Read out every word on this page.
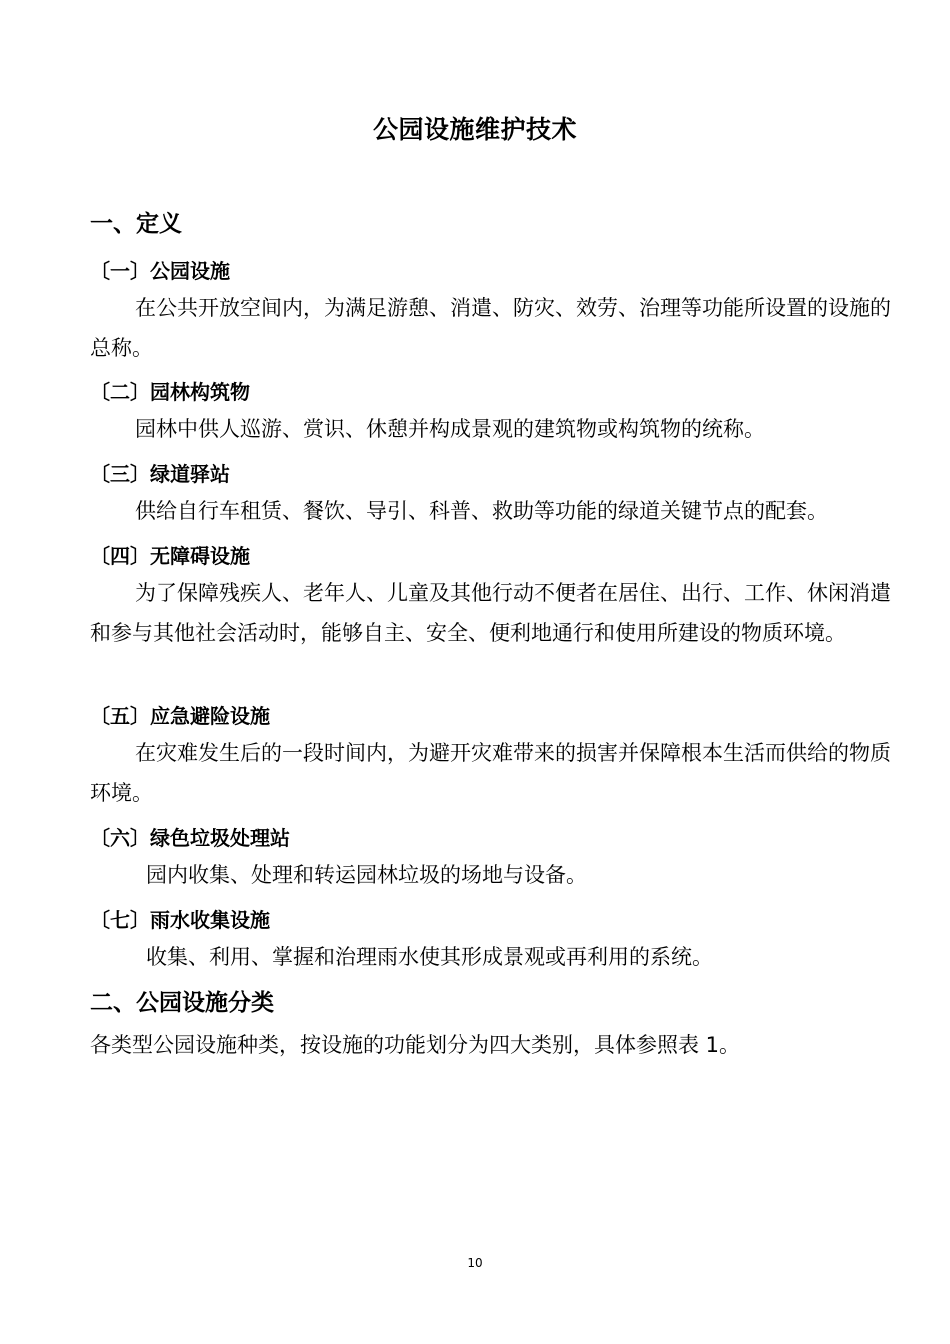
公园设施维护技术
一、定义
〔一〕公园设施

在公共开放空间内，为满足游憩、消遣、防灾、效劳、治理等功能所设置的设施的总称。

〔二〕园林构筑物

园林中供人巡游、赏识、休憩并构成景观的建筑物或构筑物的统称。

〔三〕绿道驿站

供给自行车租赁、餐饮、导引、科普、救助等功能的绿道关键节点的配套。

〔四〕无障碍设施

为了保障残疾人、老年人、儿童及其他行动不便者在居住、出行、工作、休闲消遣和参与其他社会活动时，能够自主、安全、便利地通行和使用所建设的物质环境。

〔五〕应急避险设施

在灾难发生后的一段时间内，为避开灾难带来的损害并保障根本生活而供给的物质环境。

〔六〕绿色垃圾处理站

园内收集、处理和转运园林垃圾的场地与设备。

〔七〕雨水收集设施

收集、利用、掌握和治理雨水使其形成景观或再利用的系统。

二、公园设施分类

各类型公园设施种类，按设施的功能划分为四大类别，具体参照表 1。

10
